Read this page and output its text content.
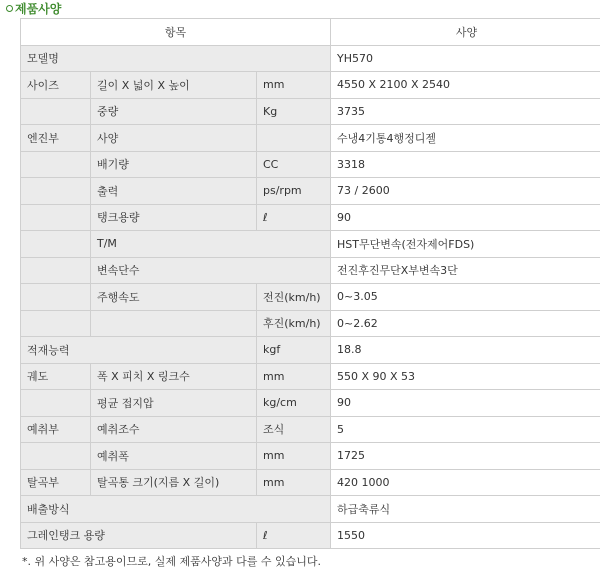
제품사양
항목			사양
모델명			YH570
사이즈	길이 X 넓이 X 높이	mm	4550 X 2100 X 2540
	중량	Kg	3735
엔진부	사양		수냉4기통4행정디젤
	배기량	CC	3318
	출력	ps/rpm	73 / 2600
	탱크용량	ℓ	90
	T/M		HST무단변속(전자제어FDS)
	변속단수		전진후진무단X부변속3단
	주행속도	전진(km/h)	0~3.05
		후진(km/h)	0~2.62
적재능력		kgf	18.8
궤도	폭 X 피치 X 링크수	mm	550 X 90 X 53
	평균 접지압	kg/cm	90
예취부	예취조수	조식	5
	예취폭	mm	1725
탈곡부	탈곡통 크기(지름 X 길이)	mm	420 1000
배출방식			하급축류식
그레인탱크 용량		ℓ	1550
*. 위 사양은 참고용이므로, 실제 제품사양과 다를 수 있습니다.
